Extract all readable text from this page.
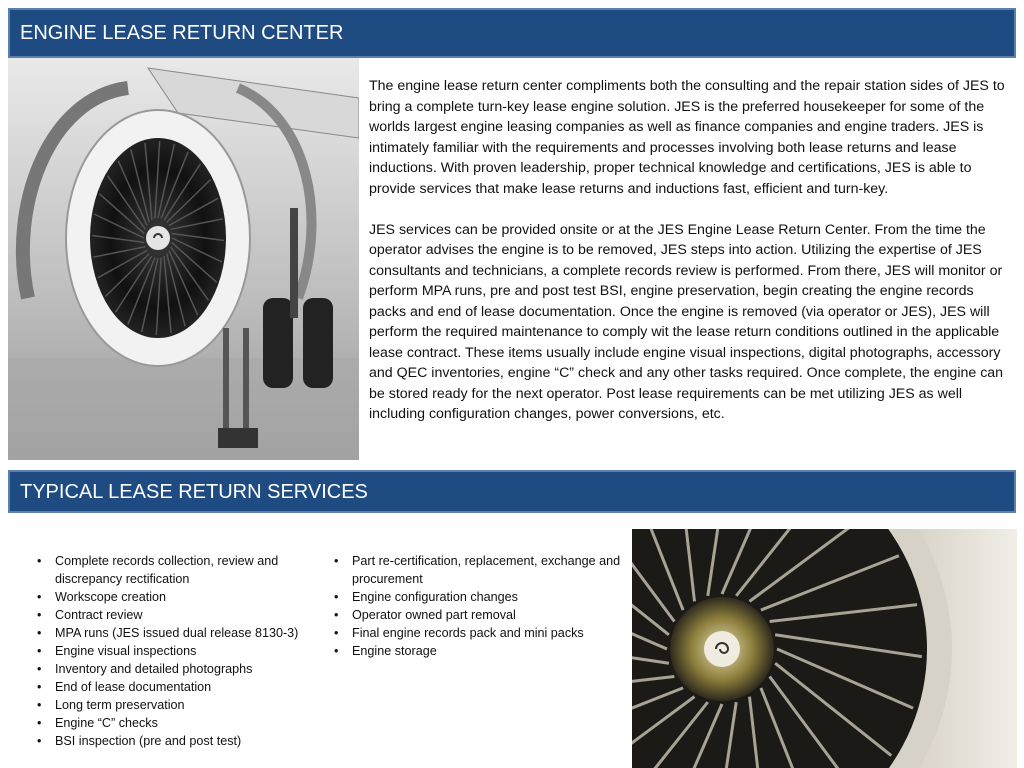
ENGINE LEASE RETURN CENTER

The engine lease return center compliments both the consulting and the repair station sides of JES to bring a complete turn-key lease engine solution. JES is the preferred housekeeper for some of the worlds largest engine leasing companies as well as finance companies and engine traders. JES is intimately familiar with the requirements and processes involving both lease returns and lease inductions. With proven leadership, proper technical knowledge and certifications, JES is able to provide services that make lease returns and inductions fast, efficient and turn-key.

JES services can be provided onsite or at the JES Engine Lease Return Center. From the time the operator advises the engine is to be removed, JES steps into action. Utilizing the expertise of JES consultants and technicians, a complete records review is performed. From there, JES will monitor or perform MPA runs, pre and post test BSI, engine preservation, begin creating the engine records packs and end of lease documentation. Once the engine is removed (via operator or JES), JES will perform the required maintenance to comply wit the lease return conditions outlined in the applicable lease contract. These items usually include engine visual inspections, digital photographs, accessory and QEC inventories, engine “C” check and any other tasks required. Once complete, the engine can be stored ready for the next operator. Post lease requirements can be met utilizing JES as well including configuration changes, power conversions, etc.

TYPICAL LEASE RETURN SERVICES
• Complete records collection, review and discrepancy rectification
• Workscope creation
• Contract review
• MPA runs (JES issued dual release 8130-3)
• Engine visual inspections
• Inventory and detailed photographs
• End of lease documentation
• Long term preservation
• Engine “C” checks
• BSI inspection (pre and post test)
• Part re-certification, replacement, exchange and procurement
• Engine configuration changes
• Operator owned part removal
• Final engine records pack and mini packs
• Engine storage
